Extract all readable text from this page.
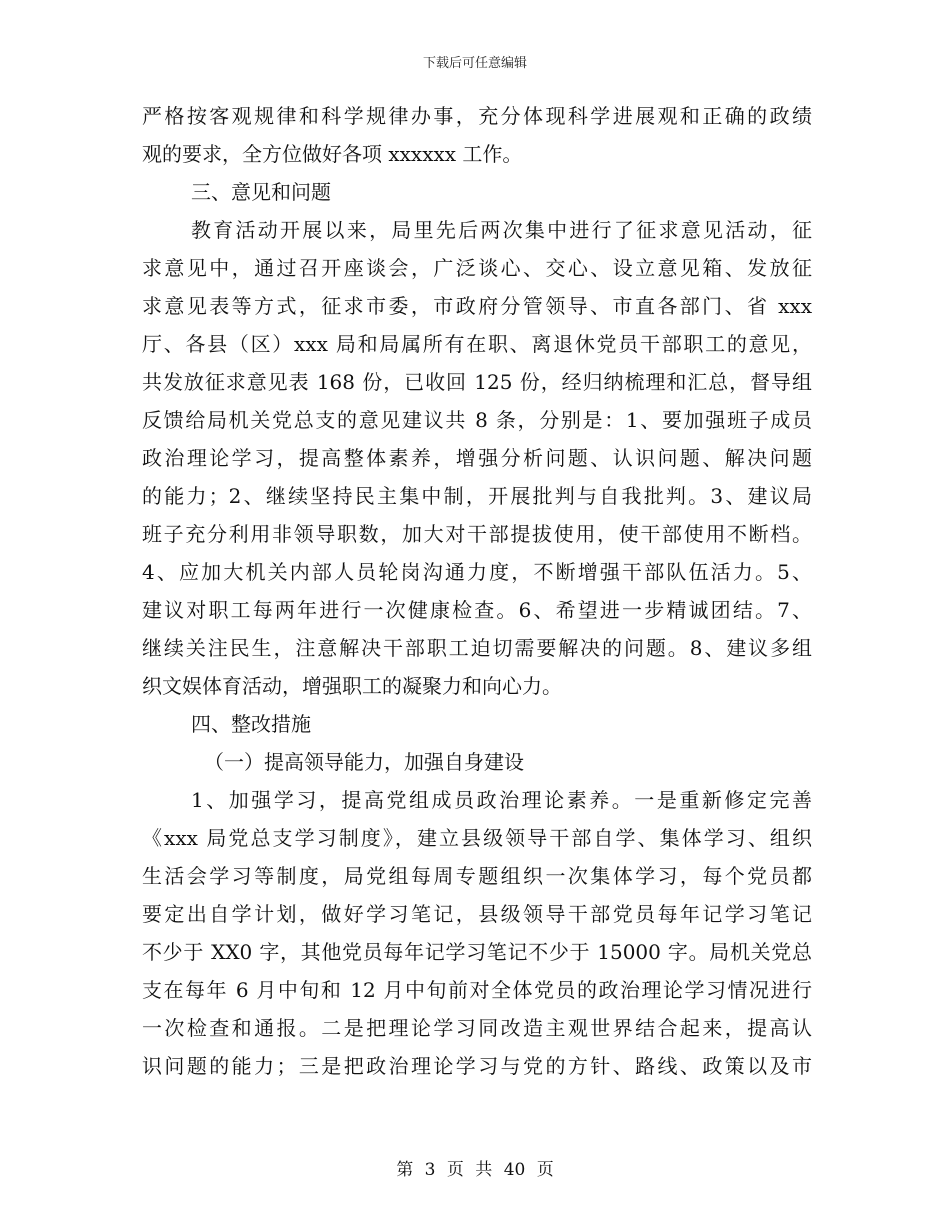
下载后可任意编辑
严格按客观规律和科学规律办事，充分体现科学进展观和正确的政绩
观的要求，全方位做好各项 xxxxxx 工作。
三、意见和问题
教育活动开展以来，局里先后两次集中进行了征求意见活动，征
求意见中，通过召开座谈会，广泛谈心、交心、设立意见箱、发放征
求意见表等方式，征求市委，市政府分管领导、市直各部门、省 xxx
厅、各县（区）xxx 局和局属所有在职、离退休党员干部职工的意见，
共发放征求意见表 168 份，已收回 125 份，经归纳梳理和汇总，督导组
反馈给局机关党总支的意见建议共 8 条，分别是：1、要加强班子成员
政治理论学习，提高整体素养，增强分析问题、认识问题、解决问题
的能力；2、继续坚持民主集中制，开展批判与自我批判。3、建议局
班子充分利用非领导职数，加大对干部提拔使用，使干部使用不断档。
4、应加大机关内部人员轮岗沟通力度，不断增强干部队伍活力。5、
建议对职工每两年进行一次健康检查。6、希望进一步精诚团结。7、
继续关注民生，注意解决干部职工迫切需要解决的问题。8、建议多组
织文娱体育活动，增强职工的凝聚力和向心力。
四、整改措施
（一）提高领导能力，加强自身建设
1、加强学习，提高党组成员政治理论素养。一是重新修定完善
《xxx 局党总支学习制度》，建立县级领导干部自学、集体学习、组织
生活会学习等制度，局党组每周专题组织一次集体学习，每个党员都
要定出自学计划，做好学习笔记，县级领导干部党员每年记学习笔记
不少于 XX0 字，其他党员每年记学习笔记不少于 15000 字。局机关党总
支在每年 6 月中旬和 12 月中旬前对全体党员的政治理论学习情况进行
一次检查和通报。二是把理论学习同改造主观世界结合起来，提高认
识问题的能力；三是把政治理论学习与党的方针、路线、政策以及市
第 3 页 共 40 页
